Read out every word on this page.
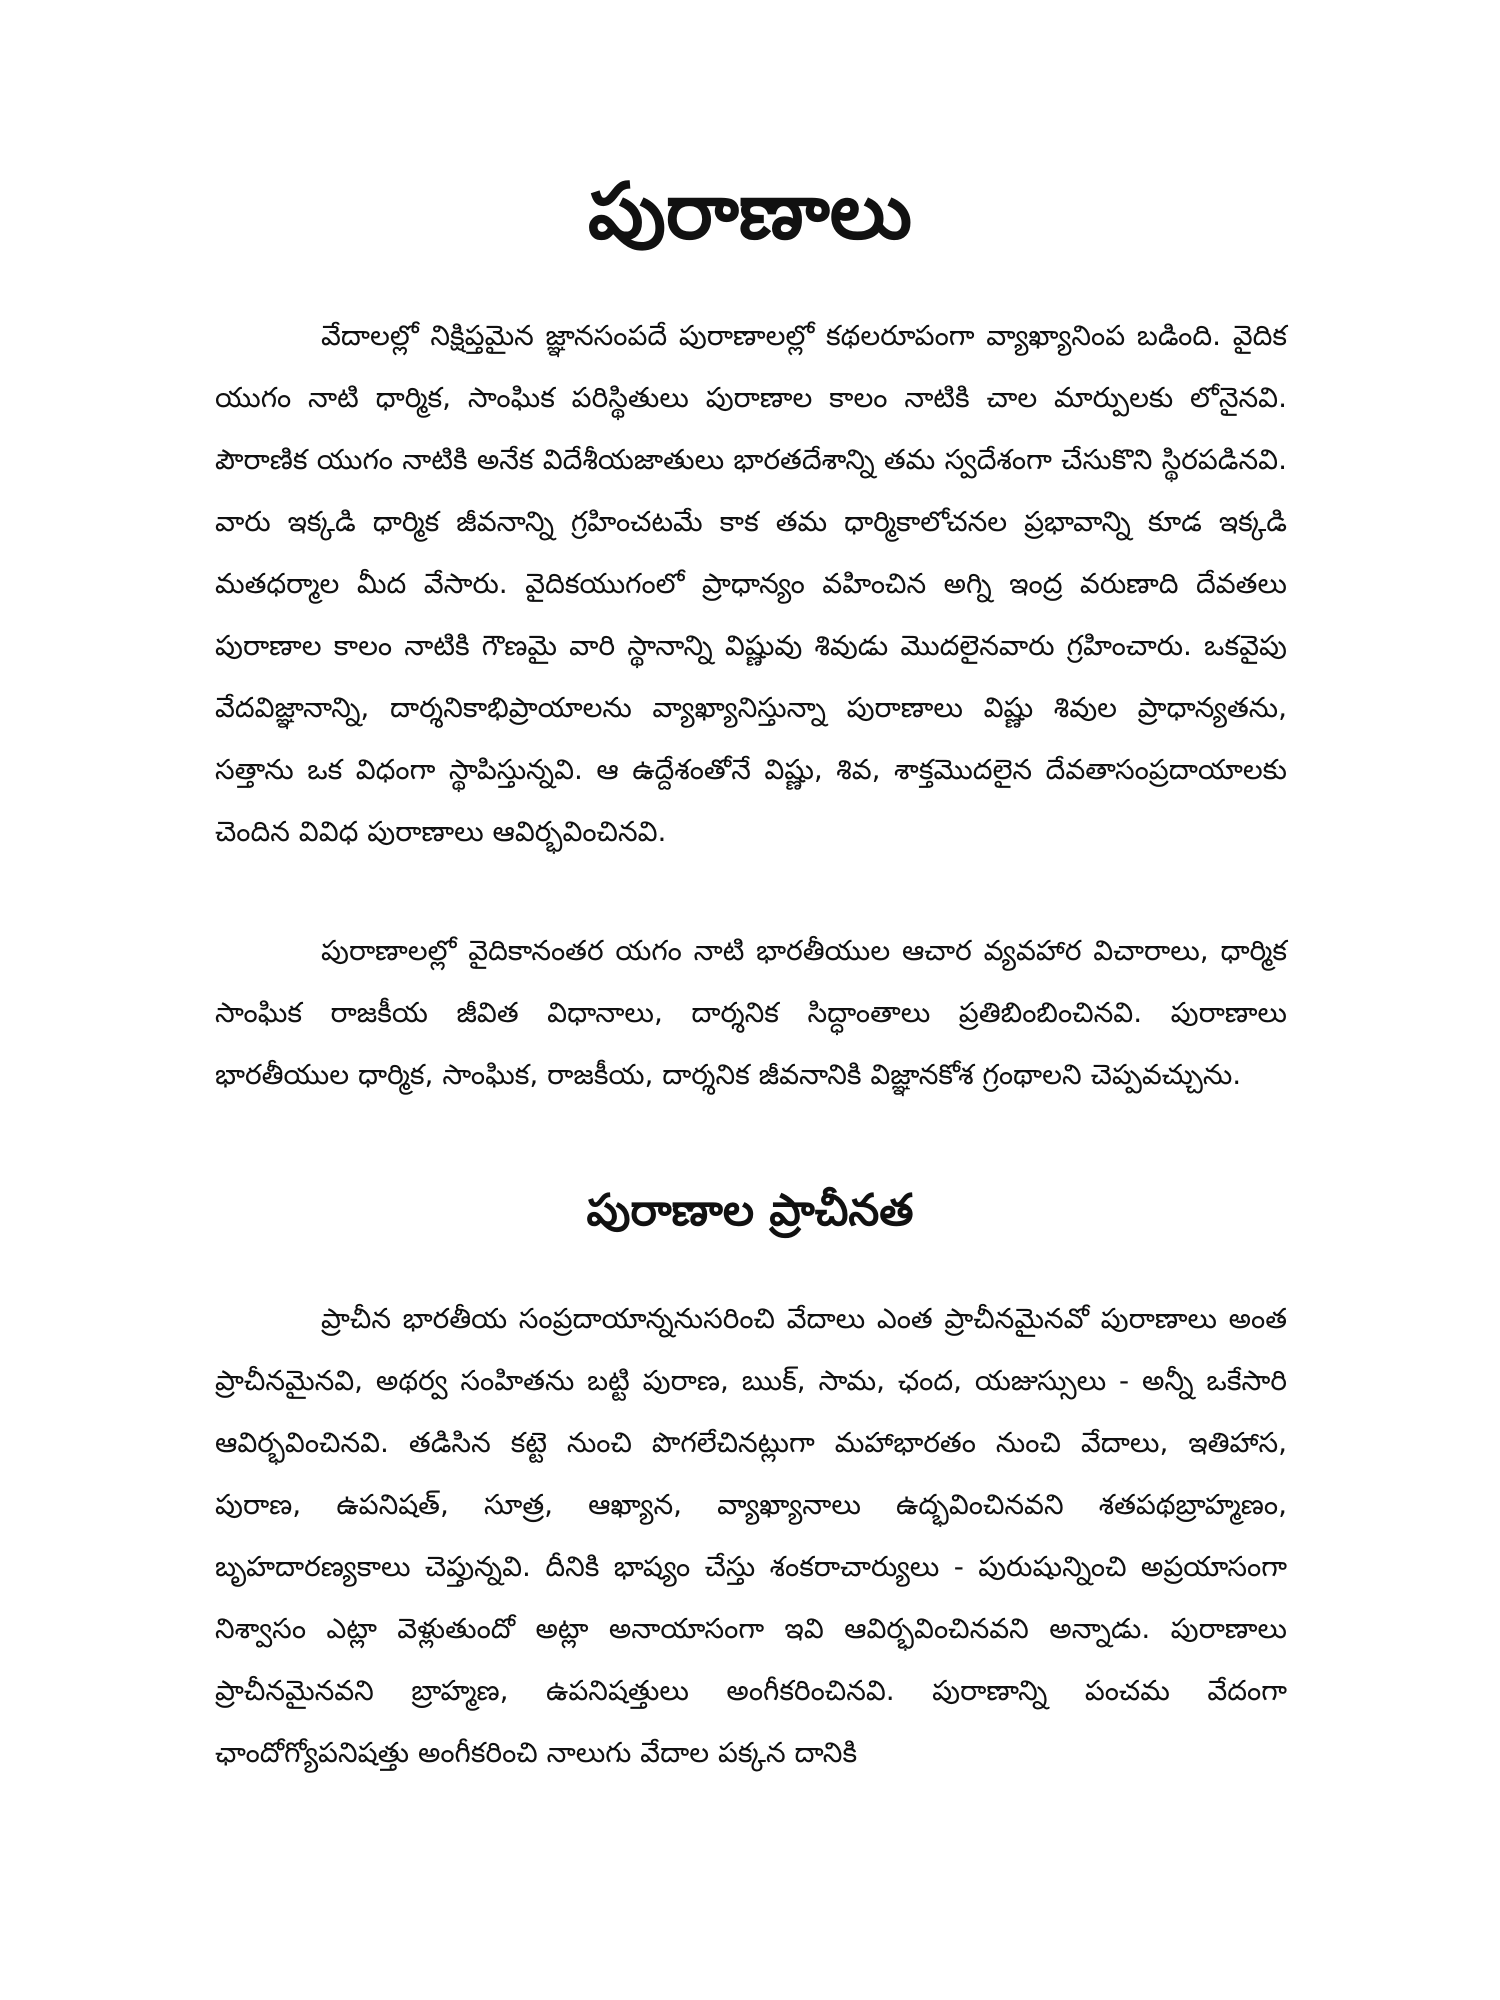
పురాణాలు

వేదాలల్లో నిక్షిప్తమైన జ్ఞానసంపదే పురాణాలల్లో కథలరూపంగా వ్యాఖ్యానింప బడింది. వైదిక యుగం నాటి ధార్మిక, సాంఘిక పరిస్థితులు పురాణాల కాలం నాటికి చాల మార్పులకు లోనైనవి. పౌరాణిక యుగం నాటికి అనేక విదేశీయజాతులు భారతదేశాన్ని తమ స్వదేశంగా చేసుకొని స్థిరపడినవి. వారు ఇక్కడి ధార్మిక జీవనాన్ని గ్రహించటమే కాక తమ ధార్మికాలోచనల ప్రభావాన్ని కూడ ఇక్కడి మతధర్మాల మీద వేసారు. వైదికయుగంలో ప్రాధాన్యం వహించిన అగ్ని ఇంద్ర వరుణాది దేవతలు పురాణాల కాలం నాటికి గౌణమై వారి స్థానాన్ని విష్ణువు శివుడు మొదలైనవారు గ్రహించారు. ఒకవైపు వేదవిజ్ఞానాన్ని, దార్శనికాభిప్రాయాలను వ్యాఖ్యానిస్తున్నా పురాణాలు విష్ణు శివుల ప్రాధాన్యతను, సత్తాను ఒక విధంగా స్థాపిస్తున్నవి. ఆ ఉద్దేశంతోనే విష్ణు, శివ, శాక్తమొదలైన దేవతాసంప్రదాయాలకు చెందిన వివిధ పురాణాలు ఆవిర్భవించినవి.

పురాణాలల్లో వైదికానంతర యగం నాటి భారతీయుల ఆచార వ్యవహార విచారాలు, ధార్మిక సాంఘిక రాజకీయ జీవిత విధానాలు, దార్శనిక సిద్ధాంతాలు ప్రతిబింబించినవి. పురాణాలు భారతీయుల ధార్మిక, సాంఘిక, రాజకీయ, దార్శనిక జీవనానికి విజ్ఞానకోశ గ్రంథాలని చెప్పవచ్చును.

పురాణాల ప్రాచీనత

ప్రాచీన భారతీయ సంప్రదాయాన్ననుసరించి వేదాలు ఎంత ప్రాచీనమైనవో పురాణాలు అంత ప్రాచీనమైనవి, అథర్వ సంహితను బట్టి పురాణ, ఋక్, సామ, ఛంద, యజుస్సులు - అన్నీ ఒకేసారి ఆవిర్భవించినవి. తడిసిన కట్టె నుంచి పొగలేచినట్లుగా మహాభారతం నుంచి వేదాలు, ఇతిహాస, పురాణ, ఉపనిషత్, సూత్ర, ఆఖ్యాన, వ్యాఖ్యానాలు ఉద్భవించినవని శతపథబ్రాహ్మణం, బృహదారణ్యకాలు చెప్తున్నవి. దీనికి భాష్యం చేస్తు శంకరాచార్యులు - పురుషున్నించి అప్రయాసంగా నిశ్వాసం ఎట్లా వెళ్లుతుందో అట్లా అనాయాసంగా ఇవి ఆవిర్భవించినవని అన్నాడు. పురాణాలు ప్రాచీనమైనవని బ్రాహ్మణ, ఉపనిషత్తులు అంగీకరించినవి. పురాణాన్ని పంచమ వేదంగా ఛాందోగ్యోపనిషత్తు అంగీకరించి నాలుగు వేదాల పక్కన దానికి
